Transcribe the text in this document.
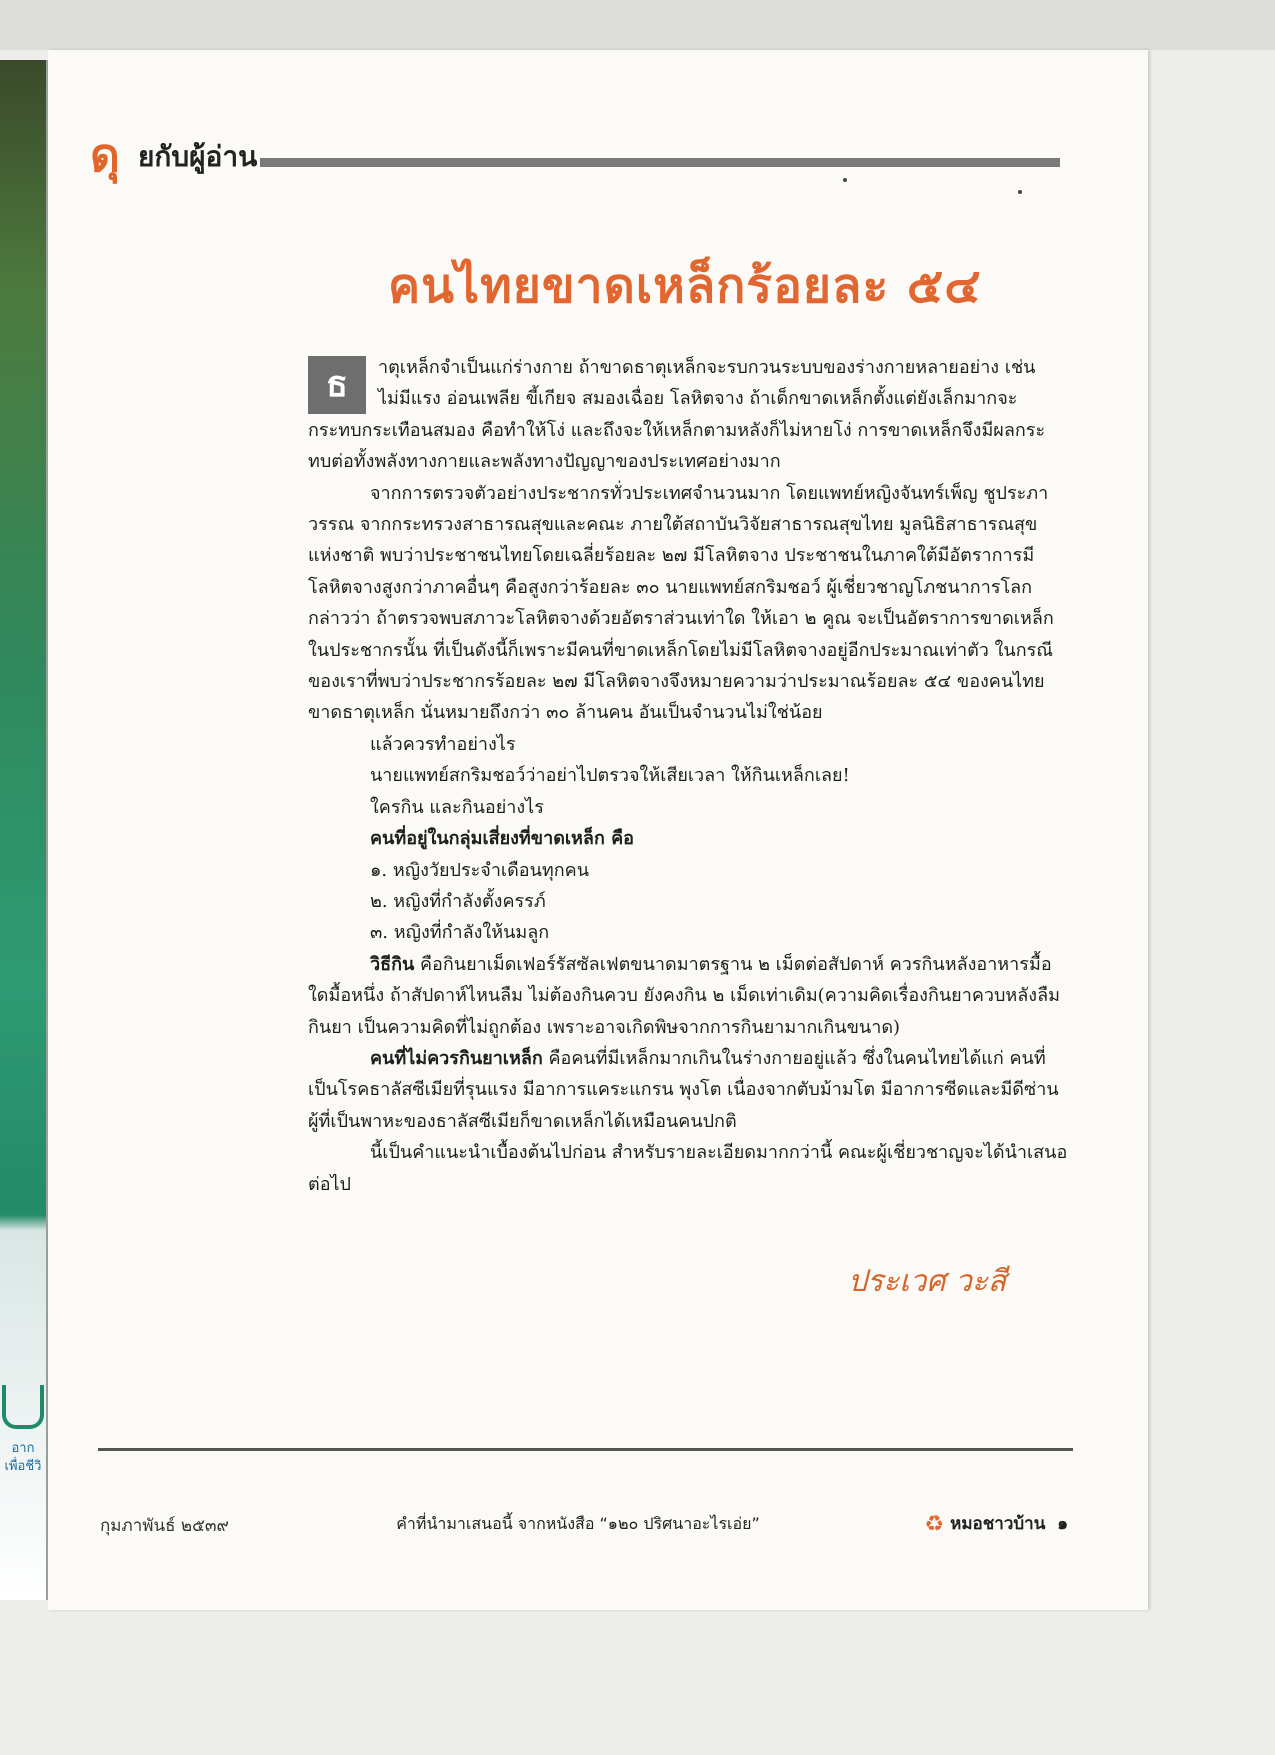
อาก
เพื่อชีวิ
ดุ ยกับผู้อ่าน
คนไทยขาดเหล็กร้อยละ ๕๔
ธ	าตุเหล็กจำเป็นแก่ร่างกาย ถ้าขาดธาตุเหล็กจะรบกวนระบบของร่างกายหลายอย่าง เช่น ไม่มีแรง อ่อนเพลีย ขี้เกียจ สมองเฉื่อย โลหิตจาง ถ้าเด็กขาดเหล็กตั้งแต่ยังเล็กมากจะกระทบกระเทือนสมอง คือทำให้โง่ และถึงจะให้เหล็กตามหลังก็ไม่หายโง่ การขาดเหล็กจึงมีผลกระทบต่อทั้งพลังทางกายและพลังทางปัญญาของประเทศอย่างมาก

จากการตรวจตัวอย่างประชากรทั่วประเทศจำนวนมาก โดยแพทย์หญิงจันทร์เพ็ญ ชูประภาวรรณ จากกระทรวงสาธารณสุขและคณะ ภายใต้สถาบันวิจัยสาธารณสุขไทย มูลนิธิสาธารณสุขแห่งชาติ พบว่าประชาชนไทยโดยเฉลี่ยร้อยละ ๒๗ มีโลหิตจาง ประชาชนในภาคใต้มีอัตราการมีโลหิตจางสูงกว่าภาคอื่นๆ คือสูงกว่าร้อยละ ๓๐ นายแพทย์สกริมชอว์ ผู้เชี่ยวชาญโภชนาการโลกกล่าวว่า ถ้าตรวจพบสภาวะโลหิตจางด้วยอัตราส่วนเท่าใด ให้เอา ๒ คูณ จะเป็นอัตราการขาดเหล็กในประชากรนั้น ที่เป็นดังนี้ก็เพราะมีคนที่ขาดเหล็กโดยไม่มีโลหิตจางอยู่อีกประมาณเท่าตัว ในกรณีของเราที่พบว่าประชากรร้อยละ ๒๗ มีโลหิตจางจึงหมายความว่าประมาณร้อยละ ๕๔ ของคนไทยขาดธาตุเหล็ก นั่นหมายถึงกว่า ๓๐ ล้านคน อันเป็นจำนวนไม่ใช่น้อย

แล้วควรทำอย่างไร

นายแพทย์สกริมชอว์ว่าอย่าไปตรวจให้เสียเวลา ให้กินเหล็กเลย!

ใครกิน และกินอย่างไร

คนที่อยู่ในกลุ่มเสี่ยงที่ขาดเหล็ก คือ

๑. หญิงวัยประจำเดือนทุกคน

๒. หญิงที่กำลังตั้งครรภ์

๓. หญิงที่กำลังให้นมลูก

วิธีกิน คือกินยาเม็ดเฟอร์รัสซัลเฟตขนาดมาตรฐาน ๒ เม็ดต่อสัปดาห์ ควรกินหลังอาหารมื้อใดมื้อหนึ่ง ถ้าสัปดาห์ไหนลืม ไม่ต้องกินควบ ยังคงกิน ๒ เม็ดเท่าเดิม(ความคิดเรื่องกินยาควบหลังลืมกินยา เป็นความคิดที่ไม่ถูกต้อง เพราะอาจเกิดพิษจากการกินยามากเกินขนาด)

คนที่ไม่ควรกินยาเหล็ก คือคนที่มีเหล็กมากเกินในร่างกายอยู่แล้ว ซึ่งในคนไทยได้แก่ คนที่เป็นโรคธาลัสซีเมียที่รุนแรง มีอาการแคระแกรน พุงโต เนื่องจากตับม้ามโต มีอาการซีดและมีดีซ่าน ผู้ที่เป็นพาหะของธาลัสซีเมียก็ขาดเหล็กได้เหมือนคนปกติ

นี้เป็นคำแนะนำเบื้องต้นไปก่อน สำหรับรายละเอียดมากกว่านี้ คณะผู้เชี่ยวชาญจะได้นำเสนอต่อไป

ประเวศ วะสี
กุมภาพันธ์ ๒๕๓๙	คำที่นำมาเสนอนี้ จากหนังสือ “๑๒๐ ปริศนาอะไรเอ่ย”	♻ หมอชาวบ้าน ๑
